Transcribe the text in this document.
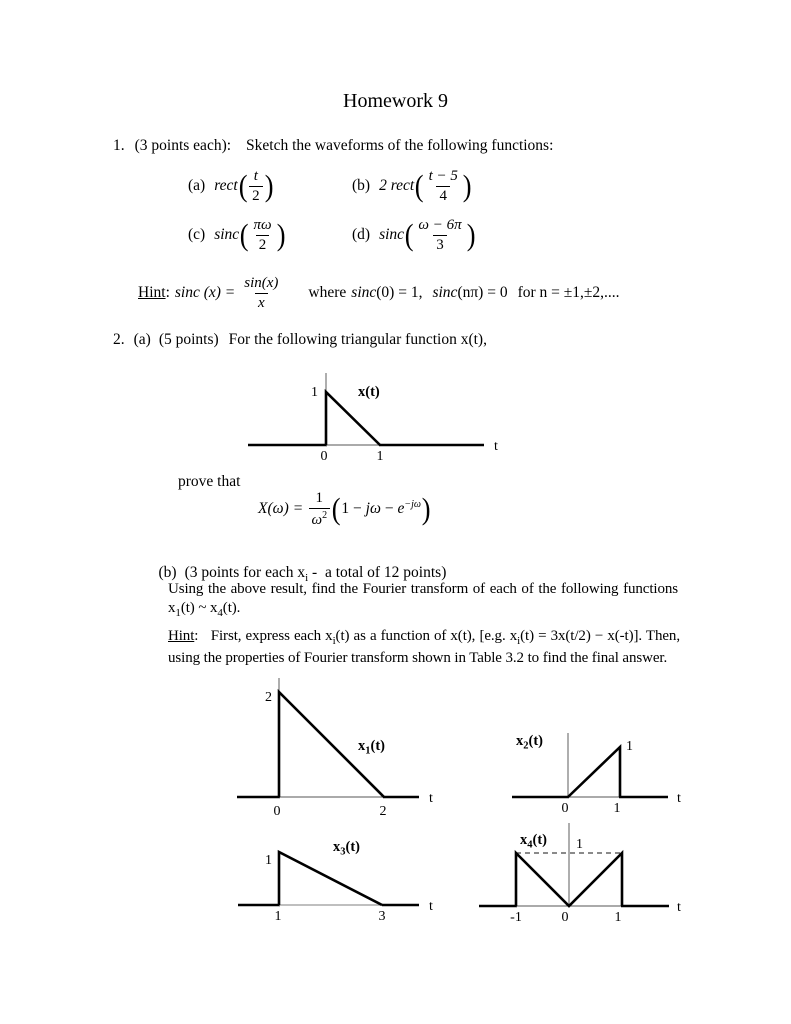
Homework 9
1. (3 points each): Sketch the waveforms of the following functions:
(a) rect ( $\frac{t}{2}$ )	(b) 2 rect ( $\frac{t - 5}{4}$ )
(c) sinc ( $\frac{\pi\omega}{2}$ )	(d) sinc ( $\frac{\omega - 6\pi}{3}$ )
Hint: sinc $(x) = \frac{\sin(x)}{x}$ where sinc(0) = 1, sinc(nπ) = 0 for n = ±1,±2,....
2. (a) (5 points) For the following triangular function x(t),
1	x(t)
0	1
t
prove that
$X(\omega) = \frac{1}{\omega^2}$ ( $1 - j\omega - e^{-j\omega}$ )

(b) (3 points for each $x_i$ -  a total of 12 points)

Using the above result, find the Fourier transform of each of the following functions $x_1(t)$ ~ $x_4(t)$.
Hint:   First, express each $x_i(t)$ as a function of x(t), [e.g. $x_i(t) = 3x(t/2) - x(-t)$]. Then, using the properties of Fourier transform shown in Table 3.2 to find the final answer.
2
$x_1(t)$
0	2
t
$x_2(t)$	1
0	1
t
1
$x_3(t)$
1	3
t
$x_4(t)$ 1
-1	0	1
t
